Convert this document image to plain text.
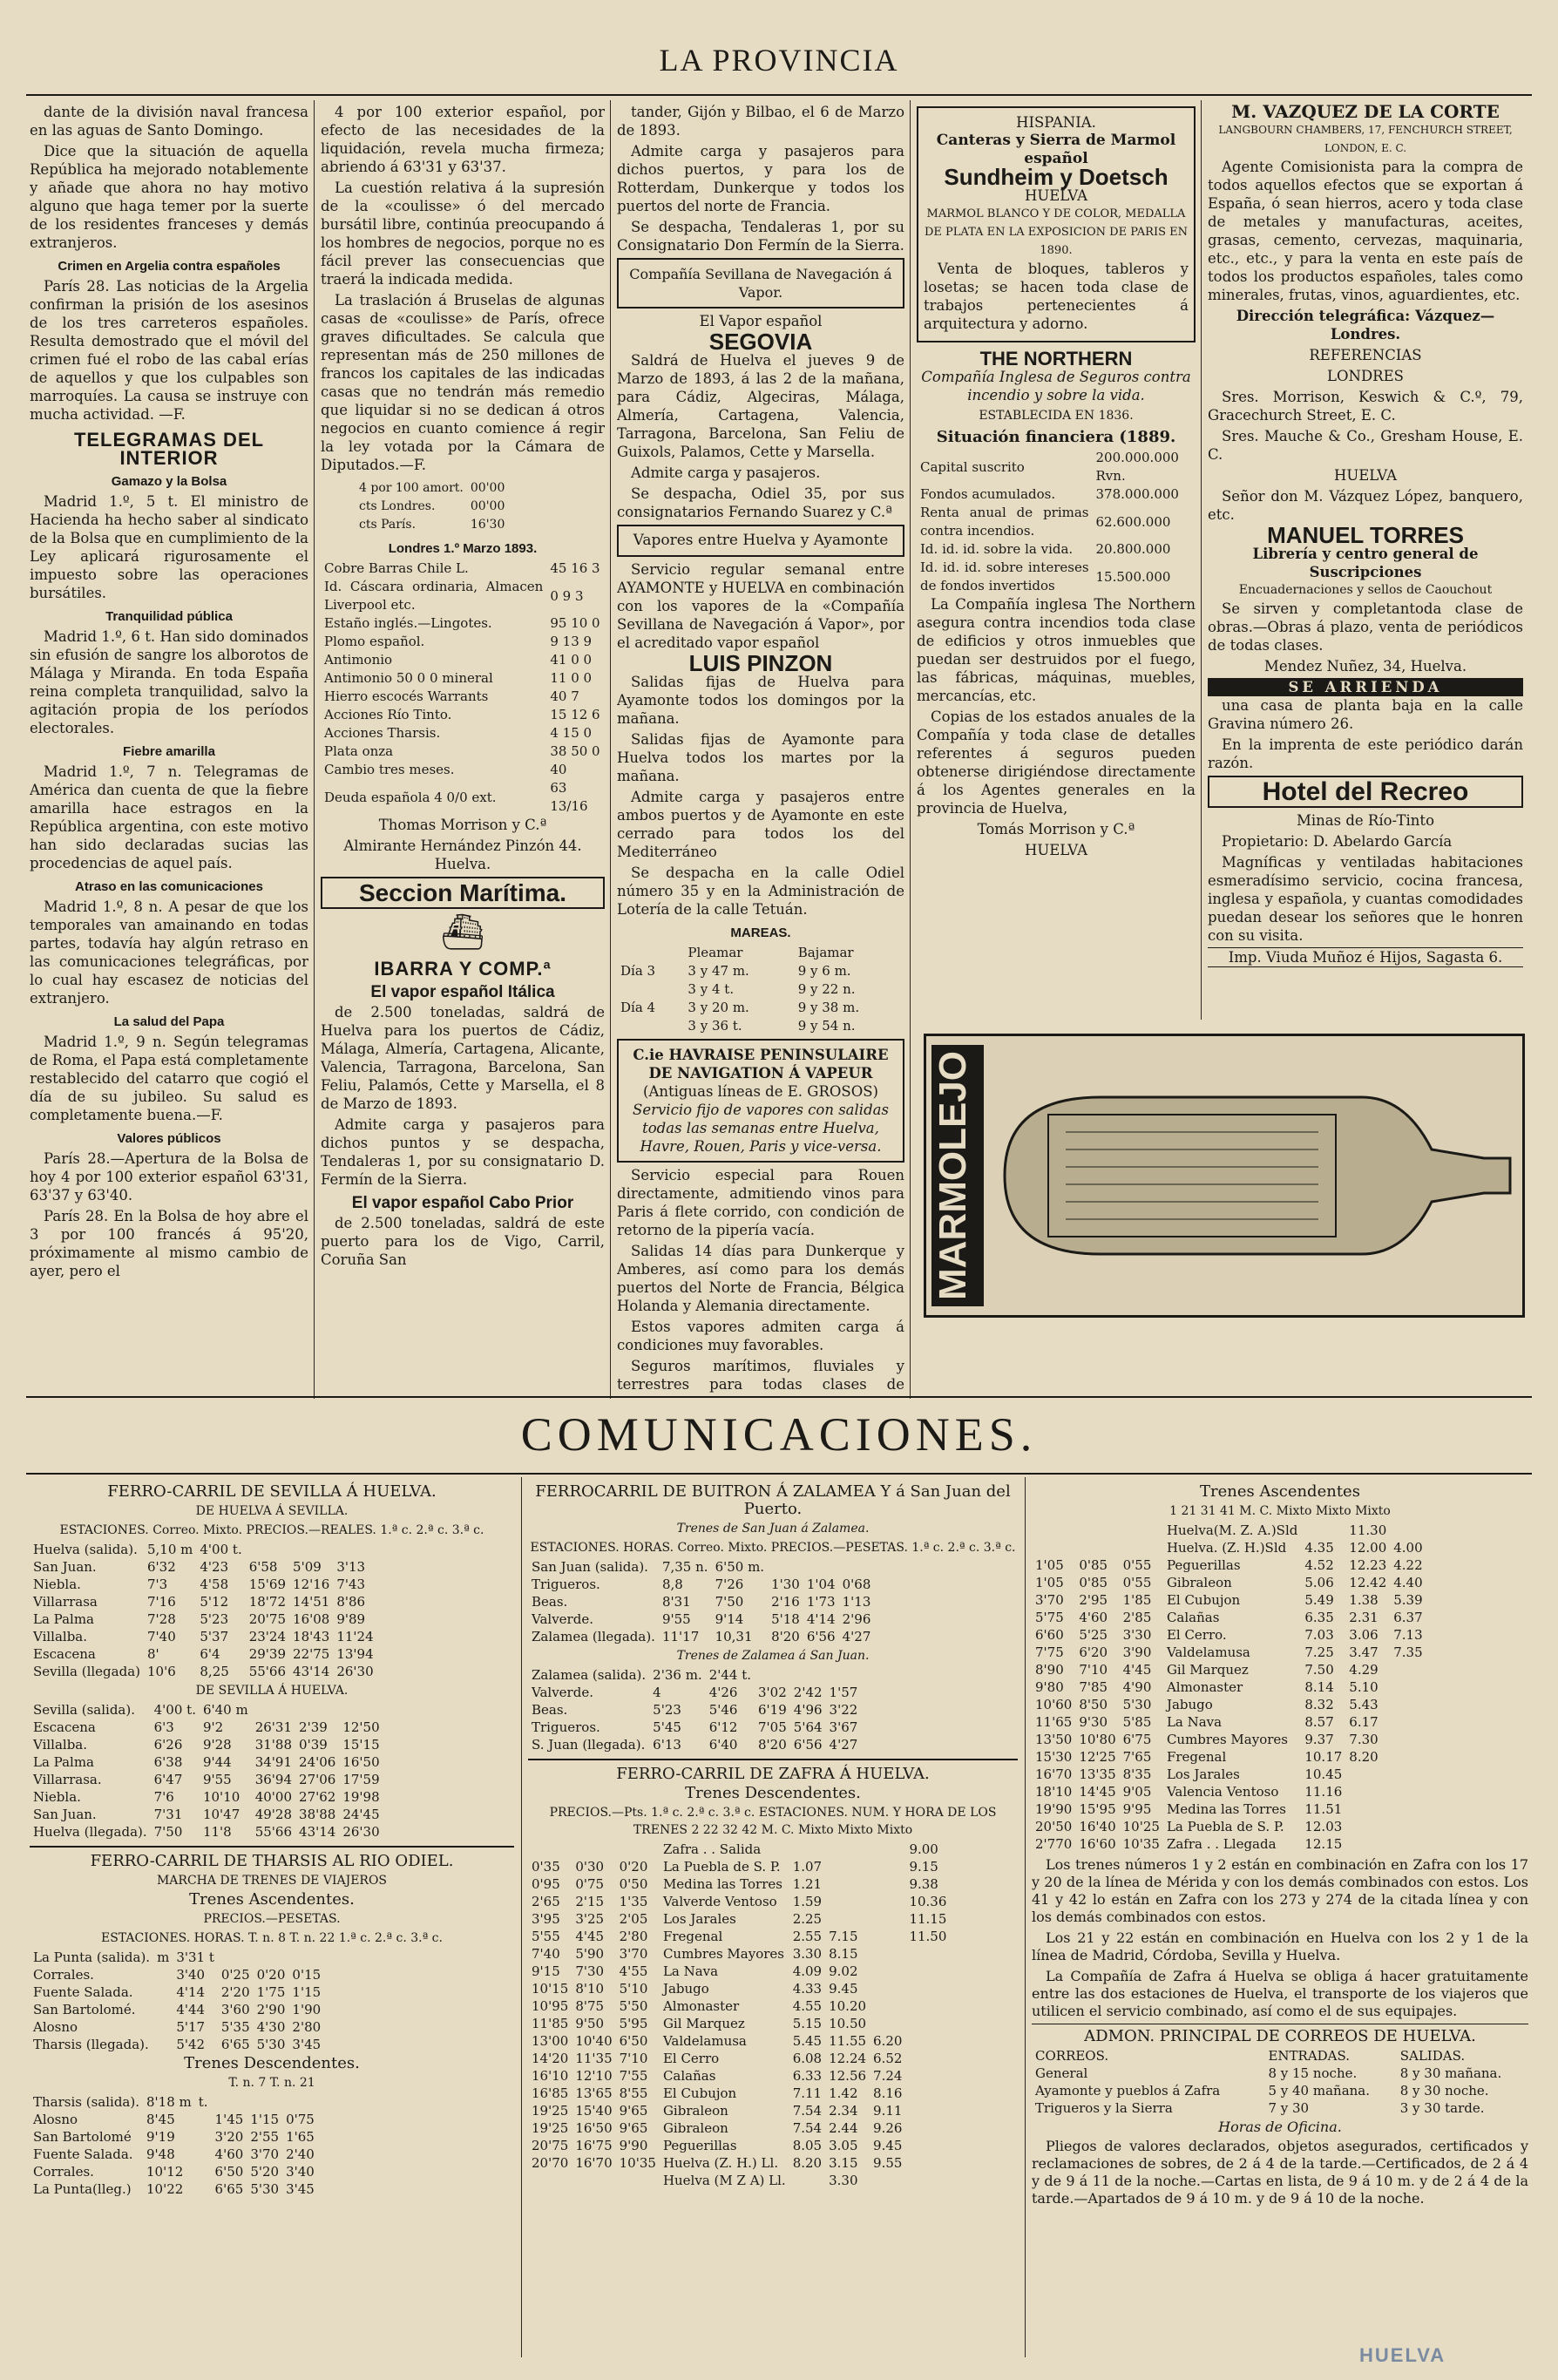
LA PROVINCIA

dante de la división naval francesa en las aguas de Santo Domingo.

Dice que la situación de aquella República ha mejorado notablemente y añade que ahora no hay motivo alguno que haga temer por la suerte de los residentes franceses y demás extranjeros.

Crimen en Argelia contra españoles

París 28. Las noticias de la Argelia confirman la prisión de los asesinos de los tres carreteros españoles. Resulta demostrado que el móvil del crimen fué el robo de las cabal erías de aquellos y que los culpables son marroquíes. La causa se instruye con mucha actividad. —F.

TELEGRAMAS DEL INTERIOR
Gamazo y la Bolsa

Madrid 1.º, 5 t. El ministro de Hacienda ha hecho saber al sindicato de la Bolsa que en cumplimiento de la Ley aplicará rigurosamente el impuesto sobre las operaciones bursátiles.

Tranquilidad pública

Madrid 1.º, 6 t. Han sido dominados sin efusión de sangre los alborotos de Málaga y Miranda. En toda España reina completa tranquilidad, salvo la agitación propia de los períodos electorales.

Fiebre amarilla

Madrid 1.º, 7 n. Telegramas de América dan cuenta de que la fiebre amarilla hace estragos en la República argentina, con este motivo han sido declaradas sucias las procedencias de aquel país.

Atraso en las comunicaciones

Madrid 1.º, 8 n. A pesar de que los temporales van amainando en todas partes, todavía hay algún retraso en las comunicaciones telegráficas, por lo cual hay escasez de noticias del extranjero.

La salud del Papa

Madrid 1.º, 9 n. Según telegramas de Roma, el Papa está completamente restablecido del catarro que cogió el día de su jubileo. Su salud es completamente buena.—F.

Valores públicos

París 28.—Apertura de la Bolsa de hoy 4 por 100 exterior español 63'31, 63'37 y 63'40.

París 28. En la Bolsa de hoy abre el 3 por 100 francés á 95'20, próximamente al mismo cambio de ayer, pero el

4 por 100 exterior español, por efecto de las necesidades de la liquidación, revela mucha firmeza; abriendo á 63'31 y 63'37.

La cuestión relativa á la supresión de la «coulisse» ó del mercado bursátil libre, continúa preocupando á los hombres de negocios, porque no es fácil prever las consecuencias que traerá la indicada medida.

La traslación á Bruselas de algunas casas de «coulisse» de París, ofrece graves dificultades. Se calcula que representan más de 250 millones de francos los capitales de las indicadas casas que no tendrán más remedio que liquidar si no se dedican á otros negocios en cuanto comience á regir la ley votada por la Cámara de Diputados.—F.

4 por 100 amort.	00'00
cts Londres.	00'00
cts París.	16'30
Londres 1.º Marzo 1893.
Cobre Barras Chile L.	45 16 3
Id. Cáscara ordinaria, Almacen Liverpool etc.	0 9 3
Estaño inglés.—Lingotes.	95 10 0
Plomo español.	9 13 9
Antimonio	41 0 0
Antimonio 50 0 0 mineral	11 0 0
Hierro escocés Warrants	40 7
Acciones Río Tinto.	15 12 6
Acciones Tharsis.	4 15 0
Plata onza	38 50 0
Cambio tres meses.	40
Deuda española 4 0/0 ext.	63 13/16

Thomas Morrison y C.ª

Almirante Hernández Pinzón 44. Huelva.

Seccion Marítima.
⛴
IBARRA Y COMP.ª
El vapor español Itálica

de 2.500 toneladas, saldrá de Huelva para los puertos de Cádiz, Málaga, Almería, Cartagena, Alicante, Valencia, Tarragona, Barcelona, San Feliu, Palamós, Cette y Marsella, el 8 de Marzo de 1893.

Admite carga y pasajeros para dichos puntos y se despacha, Tendaleras 1, por su consignatario D. Fermín de la Sierra.

El vapor español Cabo Prior

de 2.500 toneladas, saldrá de este puerto para los de Vigo, Carril, Coruña San

tander, Gijón y Bilbao, el 6 de Marzo de 1893.

Admite carga y pasajeros para dichos puertos, y para los de Rotterdam, Dunkerque y todos los puertos del norte de Francia.

Se despacha, Tendaleras 1, por su Consignatario Don Fermín de la Sierra.

Compañía Sevillana de Navegación á Vapor.

El Vapor español

SEGOVIA

Saldrá de Huelva el jueves 9 de Marzo de 1893, á las 2 de la mañana, para Cádiz, Algeciras, Málaga, Almería, Cartagena, Valencia, Tarragona, Barcelona, San Feliu de Guixols, Palamos, Cette y Marsella.

Admite carga y pasajeros.

Se despacha, Odiel 35, por sus consignatarios Fernando Suarez y C.ª

Vapores entre Huelva y Ayamonte

Servicio regular semanal entre AYAMONTE y HUELVA en combinación con los vapores de la «Compañía Sevillana de Navegación á Vapor», por el acreditado vapor español

LUIS PINZON

Salidas fijas de Huelva para Ayamonte todos los domingos por la mañana.

Salidas fijas de Ayamonte para Huelva todos los martes por la mañana.

Admite carga y pasajeros entre ambos puertos y de Ayamonte en este cerrado para todos los del Mediterráneo

Se despacha en la calle Odiel número 35 y en la Administración de Lotería de la calle Tetuán.

MAREAS.
	Pleamar	Bajamar
Día 3	3 y 47 m.	9 y 6 m.
	3 y 4 t.	9 y 22 n.
Día 4	3 y 20 m.	9 y 38 m.
	3 y 36 t.	9 y 54 n.
C.ie HAVRAISE PENINSULAIRE DE NAVIGATION Á VAPEUR
(Antiguas líneas de E. GROSOS)
Servicio fijo de vapores con salidas todas las semanas entre Huelva, Havre, Rouen, Paris y vice-versa.

Servicio especial para Rouen directamente, admitiendo vinos para Paris á flete corrido, con condición de retorno de la pipería vacía.

Salidas 14 días para Dunkerque y Amberes, así como para los demás puertos del Norte de Francia, Bélgica Holanda y Alemania directamente.

Estos vapores admiten carga á condiciones muy favorables.

Seguros marítimos, fluviales y terrestres para todas clases de

HISPANIA.
Canteras y Sierra de Marmol español
Sundheim y Doetsch
HUELVA
MARMOL BLANCO Y DE COLOR, MEDALLA DE PLATA EN LA EXPOSICION DE PARIS EN 1890.

Venta de bloques, tableros y losetas; se hacen toda clase de trabajos pertenecientes á arquitectura y adorno.

THE NORTHERN

Compañía Inglesa de Seguros contra incendio y sobre la vida.

ESTABLECIDA EN 1836.

Situación financiera (1889.

Capital suscrito	200.000.000 Rvn.
Fondos acumulados.	378.000.000
Renta anual de primas contra incendios.	62.600.000
Id. id. id. sobre la vida.	20.800.000
Id. id. id. sobre intereses de fondos invertidos	15.500.000

La Compañía inglesa The Northern asegura contra incendios toda clase de edificios y otros inmuebles que puedan ser destruidos por el fuego, las fábricas, máquinas, muebles, mercancías, etc.

Copias de los estados anuales de la Compañía y toda clase de detalles referentes á seguros pueden obtenerse dirigiéndose directamente á los Agentes generales en la provincia de Huelva,

Tomás Morrison y C.ª

HUELVA

MARMOLEJO
M. VAZQUEZ DE LA CORTE
LANGBOURN CHAMBERS, 17, FENCHURCH STREET, LONDON, E. C.

Agente Comisionista para la compra de todos aquellos efectos que se exportan á España, ó sean hierros, acero y toda clase de metales y manufacturas, aceites, grasas, cemento, cervezas, maquinaria, etc., etc., y para la venta en este país de todos los productos españoles, tales como minerales, frutas, vinos, aguardientes, etc.

Dirección telegráfica: Vázquez—Londres.

REFERENCIAS

LONDRES

Sres. Morrison, Keswich & C.º, 79, Gracechurch Street, E. C.

Sres. Mauche & Co., Gresham House, E. C.

HUELVA

Señor don M. Vázquez López, banquero, etc.

MANUEL TORRES
Librería y centro general de Suscripciones
Encuadernaciones y sellos de Caouchout

Se sirven y completantoda clase de obras.—Obras á plazo, venta de periódicos de todas clases.

Mendez Nuñez, 34, Huelva.

SE ARRIENDA

una casa de planta baja en la calle Gravina número 26.

En la imprenta de este periódico darán razón.

Hotel del Recreo

Minas de Río-Tinto

Propietario: D. Abelardo García

Magníficas y ventiladas habitaciones esmeradísimo servicio, cocina francesa, inglesa y española, y cuantas comodidades puedan desear los señores que le honren con su visita.

Imp. Viuda Muñoz é Hijos, Sagasta 6.

COMUNICACIONES.
FERRO-CARRIL DE SEVILLA Á HUELVA.
DE HUELVA Á SEVILLA.
ESTACIONES. Correo. Mixto. PRECIOS.—REALES. 1.ª c. 2.ª c. 3.ª c.
Huelva (salida).	5,10 m	4'00 t.			
San Juan.	6'32	4'23	6'58	5'09	3'13
Niebla.	7'3	4'58	15'69	12'16	7'43
Villarrasa	7'16	5'12	18'72	14'51	8'86
La Palma	7'28	5'23	20'75	16'08	9'89
Villalba.	7'40	5'37	23'24	18'43	11'24
Escacena	8'	6'4	29'39	22'75	13'94
Sevilla (llegada)	10'6	8,25	55'66	43'14	26'30
DE SEVILLA Á HUELVA.
Sevilla (salida).	4'00 t.	6'40 m			
Escacena	6'3	9'2	26'31	2'39	12'50
Villalba.	6'26	9'28	31'88	0'39	15'15
La Palma	6'38	9'44	34'91	24'06	16'50
Villarrasa.	6'47	9'55	36'94	27'06	17'59
Niebla.	7'6	10'10	40'00	27'62	19'98
San Juan.	7'31	10'47	49'28	38'88	24'45
Huelva (llegada).	7'50	11'8	55'66	43'14	26'30
FERRO-CARRIL DE THARSIS AL RIO ODIEL.
MARCHA DE TRENES DE VIAJEROS
Trenes Ascendentes.
PRECIOS.—PESETAS.
ESTACIONES. HORAS. T. n. 8 T. n. 22 1.ª c. 2.ª c. 3.ª c.
La Punta (salida).	m	3'31 t			
Corrales.		3'40	0'25	0'20	0'15
Fuente Salada.		4'14	2'20	1'75	1'15
San Bartolomé.		4'44	3'60	2'90	1'90
Alosno		5'17	5'35	4'30	2'80
Tharsis (llegada).		5'42	6'65	5'30	3'45
Trenes Descendentes.
T. n. 7 T. n. 21
Tharsis (salida).	8'18 m	t.			
Alosno	8'45		1'45	1'15	0'75
San Bartolomé	9'19		3'20	2'55	1'65
Fuente Salada.	9'48		4'60	3'70	2'40
Corrales.	10'12		6'50	5'20	3'40
La Punta(lleg.)	10'22		6'65	5'30	3'45
FERROCARRIL DE BUITRON Á ZALAMEA Y á San Juan del Puerto.
Trenes de San Juan á Zalamea.
ESTACIONES. HORAS. Correo. Mixto. PRECIOS.—PESETAS. 1.ª c. 2.ª c. 3.ª c.
San Juan (salida).	7,35 n.	6'50 m.			
Trigueros.	8,8	7'26	1'30	1'04	0'68
Beas.	8'31	7'50	2'16	1'73	1'13
Valverde.	9'55	9'14	5'18	4'14	2'96
Zalamea (llegada).	11'17	10,31	8'20	6'56	4'27
Trenes de Zalamea á San Juan.
Zalamea (salida).	2'36 m.	2'44 t.			
Valverde.	4	4'26	3'02	2'42	1'57
Beas.	5'23	5'46	6'19	4'96	3'22
Trigueros.	5'45	6'12	7'05	5'64	3'67
S. Juan (llegada).	6'13	6'40	8'20	6'56	4'27
FERRO-CARRIL DE ZAFRA Á HUELVA.
Trenes Descendentes.
PRECIOS.—Pts. 1.ª c. 2.ª c. 3.ª c. ESTACIONES. NUM. Y HORA DE LOS TRENES 2 22 32 42 M. C. Mixto Mixto Mixto
			Zafra . . Salida				9.00
0'35	0'30	0'20	La Puebla de S. P.	1.07			9.15
0'95	0'75	0'50	Medina las Torres	1.21			9.38
2'65	2'15	1'35	Valverde Ventoso	1.59			10.36
3'95	3'25	2'05	Los Jarales	2.25			11.15
5'55	4'45	2'80	Fregenal	2.55	7.15		11.50
7'40	5'90	3'70	Cumbres Mayores	3.30	8.15		
9'15	7'30	4'55	La Nava	4.09	9.02		
10'15	8'10	5'10	Jabugo	4.33	9.45		
10'95	8'75	5'50	Almonaster	4.55	10.20		
11'85	9'50	5'95	Gil Marquez	5.15	10.50		
13'00	10'40	6'50	Valdelamusa	5.45	11.55	6.20	
14'20	11'35	7'10	El Cerro	6.08	12.24	6.52	
16'10	12'10	7'55	Calañas	6.33	12.56	7.24	
16'85	13'65	8'55	El Cubujon	7.11	1.42	8.16	
19'25	15'40	9'65	Gibraleon	7.54	2.34	9.11	
19'25	16'50	9'65	Gibraleon	7.54	2.44	9.26	
20'75	16'75	9'90	Peguerillas	8.05	3.05	9.45	
20'70	16'70	10'35	Huelva (Z. H.) Ll.	8.20	3.15	9.55	
			Huelva (M Z A) Ll.		3.30		
Trenes Ascendentes
1 21 31 41 M. C. Mixto Mixto Mixto
			Huelva(M. Z. A.)Sld		11.30		
			Huelva. (Z. H.)Sld	4.35	12.00	4.00	
1'05	0'85	0'55	Peguerillas	4.52	12.23	4.22	
1'05	0'85	0'55	Gibraleon	5.06	12.42	4.40	
3'70	2'95	1'85	El Cubujon	5.49	1.38	5.39	
5'75	4'60	2'85	Calañas	6.35	2.31	6.37	
6'60	5'25	3'30	El Cerro.	7.03	3.06	7.13	
7'75	6'20	3'90	Valdelamusa	7.25	3.47	7.35	
8'90	7'10	4'45	Gil Marquez	7.50	4.29		
9'80	7'85	4'90	Almonaster	8.14	5.10		
10'60	8'50	5'30	Jabugo	8.32	5.43		
11'65	9'30	5'85	La Nava	8.57	6.17		
13'50	10'80	6'75	Cumbres Mayores	9.37	7.30		
15'30	12'25	7'65	Fregenal	10.17	8.20		
16'70	13'35	8'35	Los Jarales	10.45			
18'10	14'45	9'05	Valencia Ventoso	11.16			
19'90	15'95	9'95	Medina las Torres	11.51			
20'50	16'40	10'25	La Puebla de S. P.	12.03			
2'770	16'60	10'35	Zafra . . Llegada	12.15			

Los trenes números 1 y 2 están en combinación en Zafra con los 17 y 20 de la línea de Mérida y con los demás combinados con estos. Los 41 y 42 lo están en Zafra con los 273 y 274 de la citada línea y con los demás combinados con estos.

Los 21 y 22 están en combinación en Huelva con los 2 y 1 de la línea de Madrid, Córdoba, Sevilla y Huelva.

La Compañía de Zafra á Huelva se obliga á hacer gratuitamente entre las dos estaciones de Huelva, el transporte de los viajeros que utilicen el servicio combinado, así como el de sus equipajes.

ADMON. PRINCIPAL DE CORREOS DE HUELVA.
CORREOS.	ENTRADAS.	SALIDAS.
General	8 y 15 noche.	8 y 30 mañana.
Ayamonte y pueblos á Zafra	5 y 40 mañana.	8 y 30 noche.
Trigueros y la Sierra	7 y 30	3 y 30 tarde.
Horas de Oficina.

Pliegos de valores declarados, objetos asegurados, certificados y reclamaciones de sobres, de 2 á 4 de la tarde.—Certificados, de 2 á 4 y de 9 á 11 de la noche.—Cartas en lista, de 9 á 10 m. y de 2 á 4 de la tarde.—Apartados de 9 á 10 m. y de 9 á 10 de la noche.

HUELVA
